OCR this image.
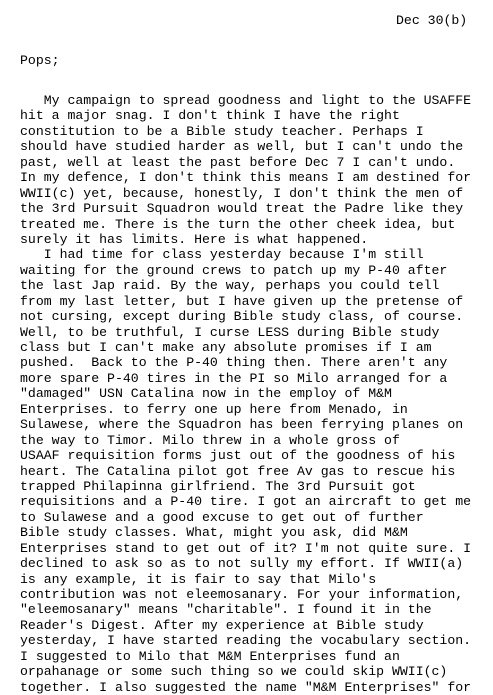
Dec 30(b)
Pops;
My campaign to spread goodness and light to the USAFFE
hit a major snag. I don't think I have the right
constitution to be a Bible study teacher. Perhaps I
should have studied harder as well, but I can't undo the
past, well at least the past before Dec 7 I can't undo.
In my defence, I don't think this means I am destined for
WWII(c) yet, because, honestly, I don't think the men of
the 3rd Pursuit Squadron would treat the Padre like they
treated me. There is the turn the other cheek idea, but
surely it has limits. Here is what happened.
I had time for class yesterday because I'm still
waiting for the ground crews to patch up my P-40 after
the last Jap raid. By the way, perhaps you could tell
from my last letter, but I have given up the pretense of
not cursing, except during Bible study class, of course.
Well, to be truthful, I curse LESS during Bible study
class but I can't make any absolute promises if I am
pushed.  Back to the P-40 thing then. There aren't any
more spare P-40 tires in the PI so Milo arranged for a
"damaged" USN Catalina now in the employ of M&M
Enterprises. to ferry one up here from Menado, in
Sulawese, where the Squadron has been ferrying planes on
the way to Timor. Milo threw in a whole gross of
USAAF requisition forms just out of the goodness of his
heart. The Catalina pilot got free Av gas to rescue his
trapped Philapinna girlfriend. The 3rd Pursuit got
requisitions and a P-40 tire. I got an aircraft to get me
to Sulawese and a good excuse to get out of further
Bible study classes. What, might you ask, did M&M
Enterprises stand to get out of it? I'm not quite sure. I
declined to ask so as to not sully my effort. If WWII(a)
is any example, it is fair to say that Milo's
contribution was not eleemosanary. For your information,
"eleemosanary" means "charitable". I found it in the
Reader's Digest. After my experience at Bible study
yesterday, I have started reading the vocabulary section.
I suggested to Milo that M&M Enterprises fund an
orpahanage or some such thing so we could skip WWII(c)
together. I also suggested the name "M&M Enterprises" for
